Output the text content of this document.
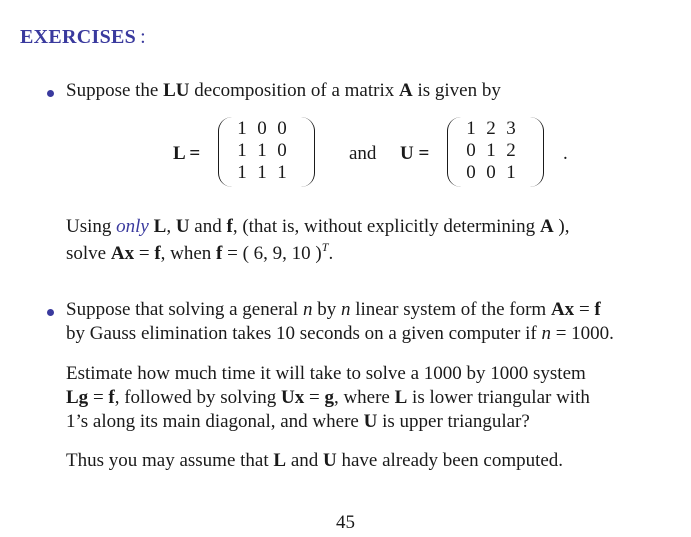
EXERCISES :
Suppose the LU decomposition of a matrix A is given by
L =
1 0 0
1 1 0
1 1 1
and U =
1 2 3
0 1 2
0 0 1
.
Using only L, U and f, (that is, without explicitly determining A ),
solve Ax = f, when f = ( 6, 9, 10 )$^T$.
Suppose that solving a general n by n linear system of the form Ax = f
by Gauss elimination takes 10 seconds on a given computer if n = 1000.
Estimate how much time it will take to solve a 1000 by 1000 system
Lg = f, followed by solving Ux = g, where L is lower triangular with
1’s along its main diagonal, and where U is upper triangular?
Thus you may assume that L and U have already been computed.
45
